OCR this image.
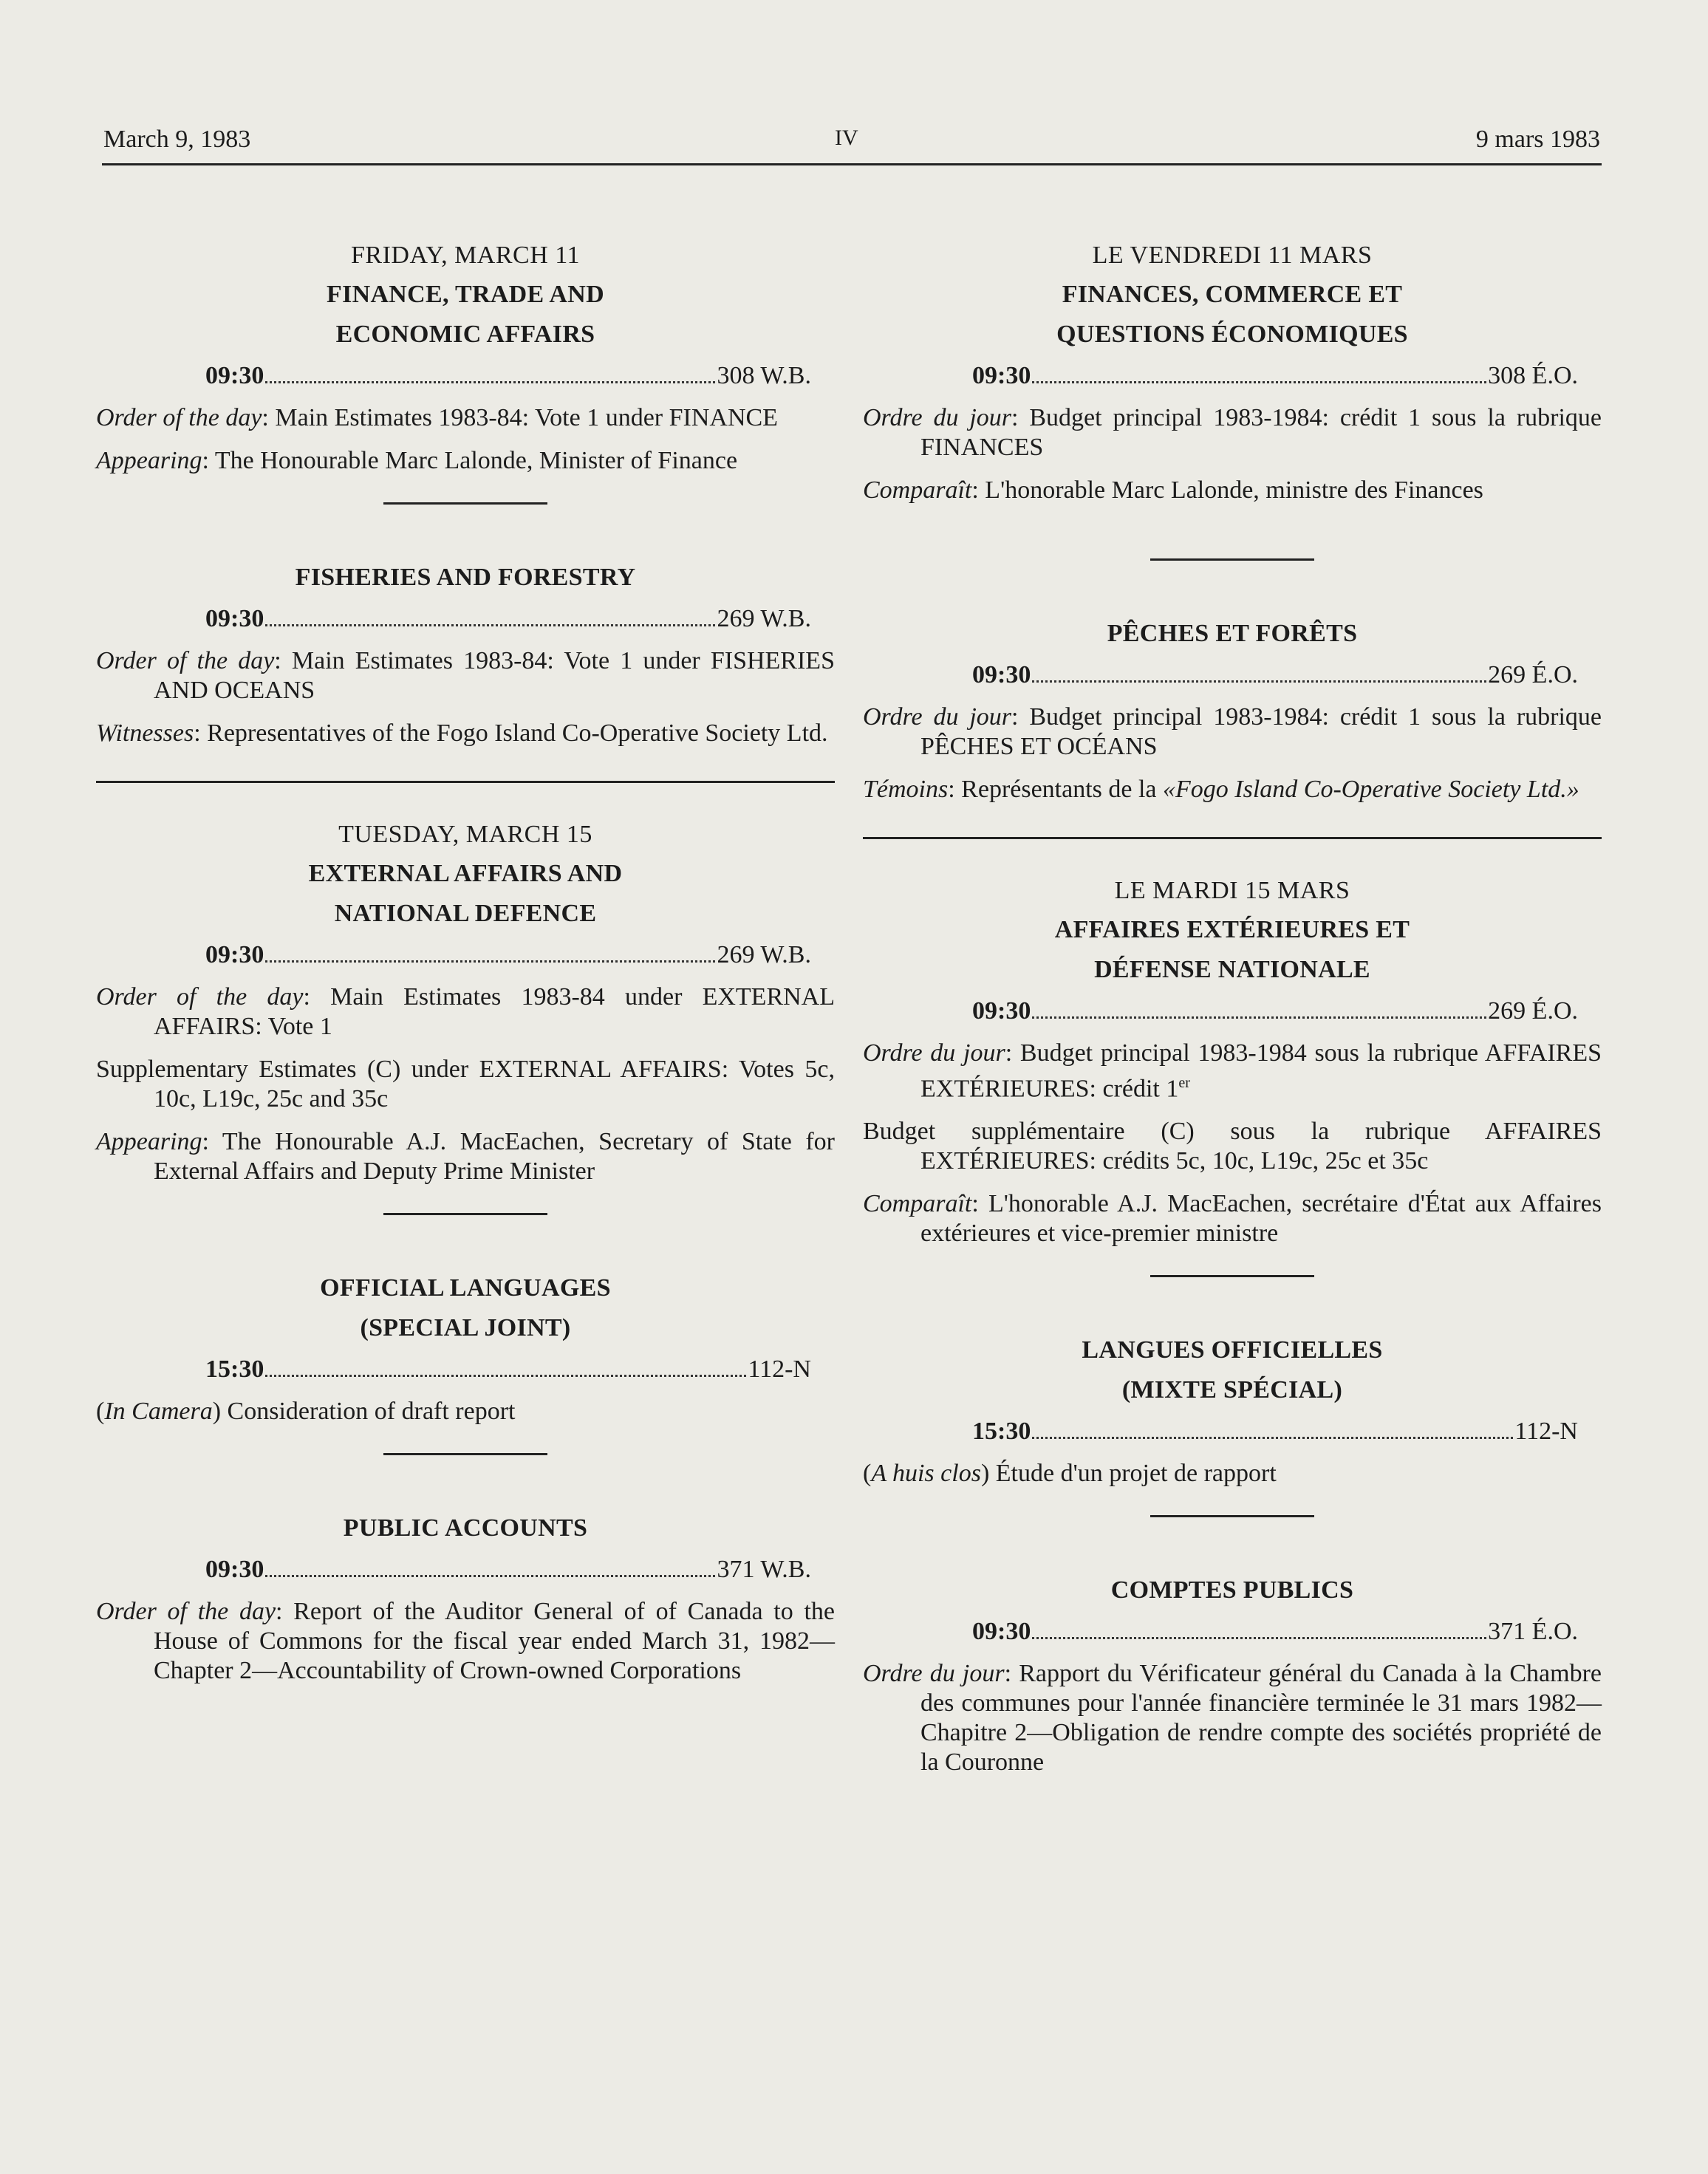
March 9, 1983	IV	9 mars 1983

FRIDAY, MARCH 11

FINANCE, TRADE AND

ECONOMIC AFFAIRS

09:30	308 W.B.

Order of the day: Main Estimates 1983-84: Vote 1 under FINANCE

Appearing: The Honourable Marc Lalonde, Minister of Finance

FISHERIES AND FORESTRY

09:30	269 W.B.

Order of the day: Main Estimates 1983-84: Vote 1 under FISHERIES AND OCEANS

Witnesses: Representatives of the Fogo Island Co-Operative Society Ltd.

TUESDAY, MARCH 15

EXTERNAL AFFAIRS AND

NATIONAL DEFENCE

09:30	269 W.B.

Order of the day: Main Estimates 1983-84 under EXTERNAL AFFAIRS: Vote 1

Supplementary Estimates (C) under EXTERNAL AFFAIRS: Votes 5c, 10c, L19c, 25c and 35c

Appearing: The Honourable A.J. MacEachen, Secretary of State for External Affairs and Deputy Prime Minister

OFFICIAL LANGUAGES

(SPECIAL JOINT)

15:30	112-N

(In Camera) Consideration of draft report

PUBLIC ACCOUNTS

09:30	371 W.B.

Order of the day: Report of the Auditor General of of Canada to the House of Commons for the fiscal year ended March 31, 1982—Chapter 2—Accountability of Crown-owned Corporations

LE VENDREDI 11 MARS

FINANCES, COMMERCE ET

QUESTIONS ÉCONOMIQUES

09:30	308 É.O.

Ordre du jour: Budget principal 1983-1984: crédit 1 sous la rubrique FINANCES

Comparaît: L'honorable Marc Lalonde, ministre des Finances

PÊCHES ET FORÊTS

09:30	269 É.O.

Ordre du jour: Budget principal 1983-1984: crédit 1 sous la rubrique PÊCHES ET OCÉANS

Témoins: Représentants de la «Fogo Island Co-Operative Society Ltd.»

LE MARDI 15 MARS

AFFAIRES EXTÉRIEURES ET

DÉFENSE NATIONALE

09:30	269 É.O.

Ordre du jour: Budget principal 1983-1984 sous la rubrique AFFAIRES EXTÉRIEURES: crédit 1er

Budget supplémentaire (C) sous la rubrique AFFAIRES EXTÉRIEURES: crédits 5c, 10c, L19c, 25c et 35c

Comparaît: L'honorable A.J. MacEachen, secrétaire d'État aux Affaires extérieures et vice-premier ministre

LANGUES OFFICIELLES

(MIXTE SPÉCIAL)

15:30	112-N

(A huis clos) Étude d'un projet de rapport

COMPTES PUBLICS

09:30	371 É.O.

Ordre du jour: Rapport du Vérificateur général du Canada à la Chambre des communes pour l'année financière terminée le 31 mars 1982—Chapitre 2—Obligation de rendre compte des sociétés propriété de la Couronne
